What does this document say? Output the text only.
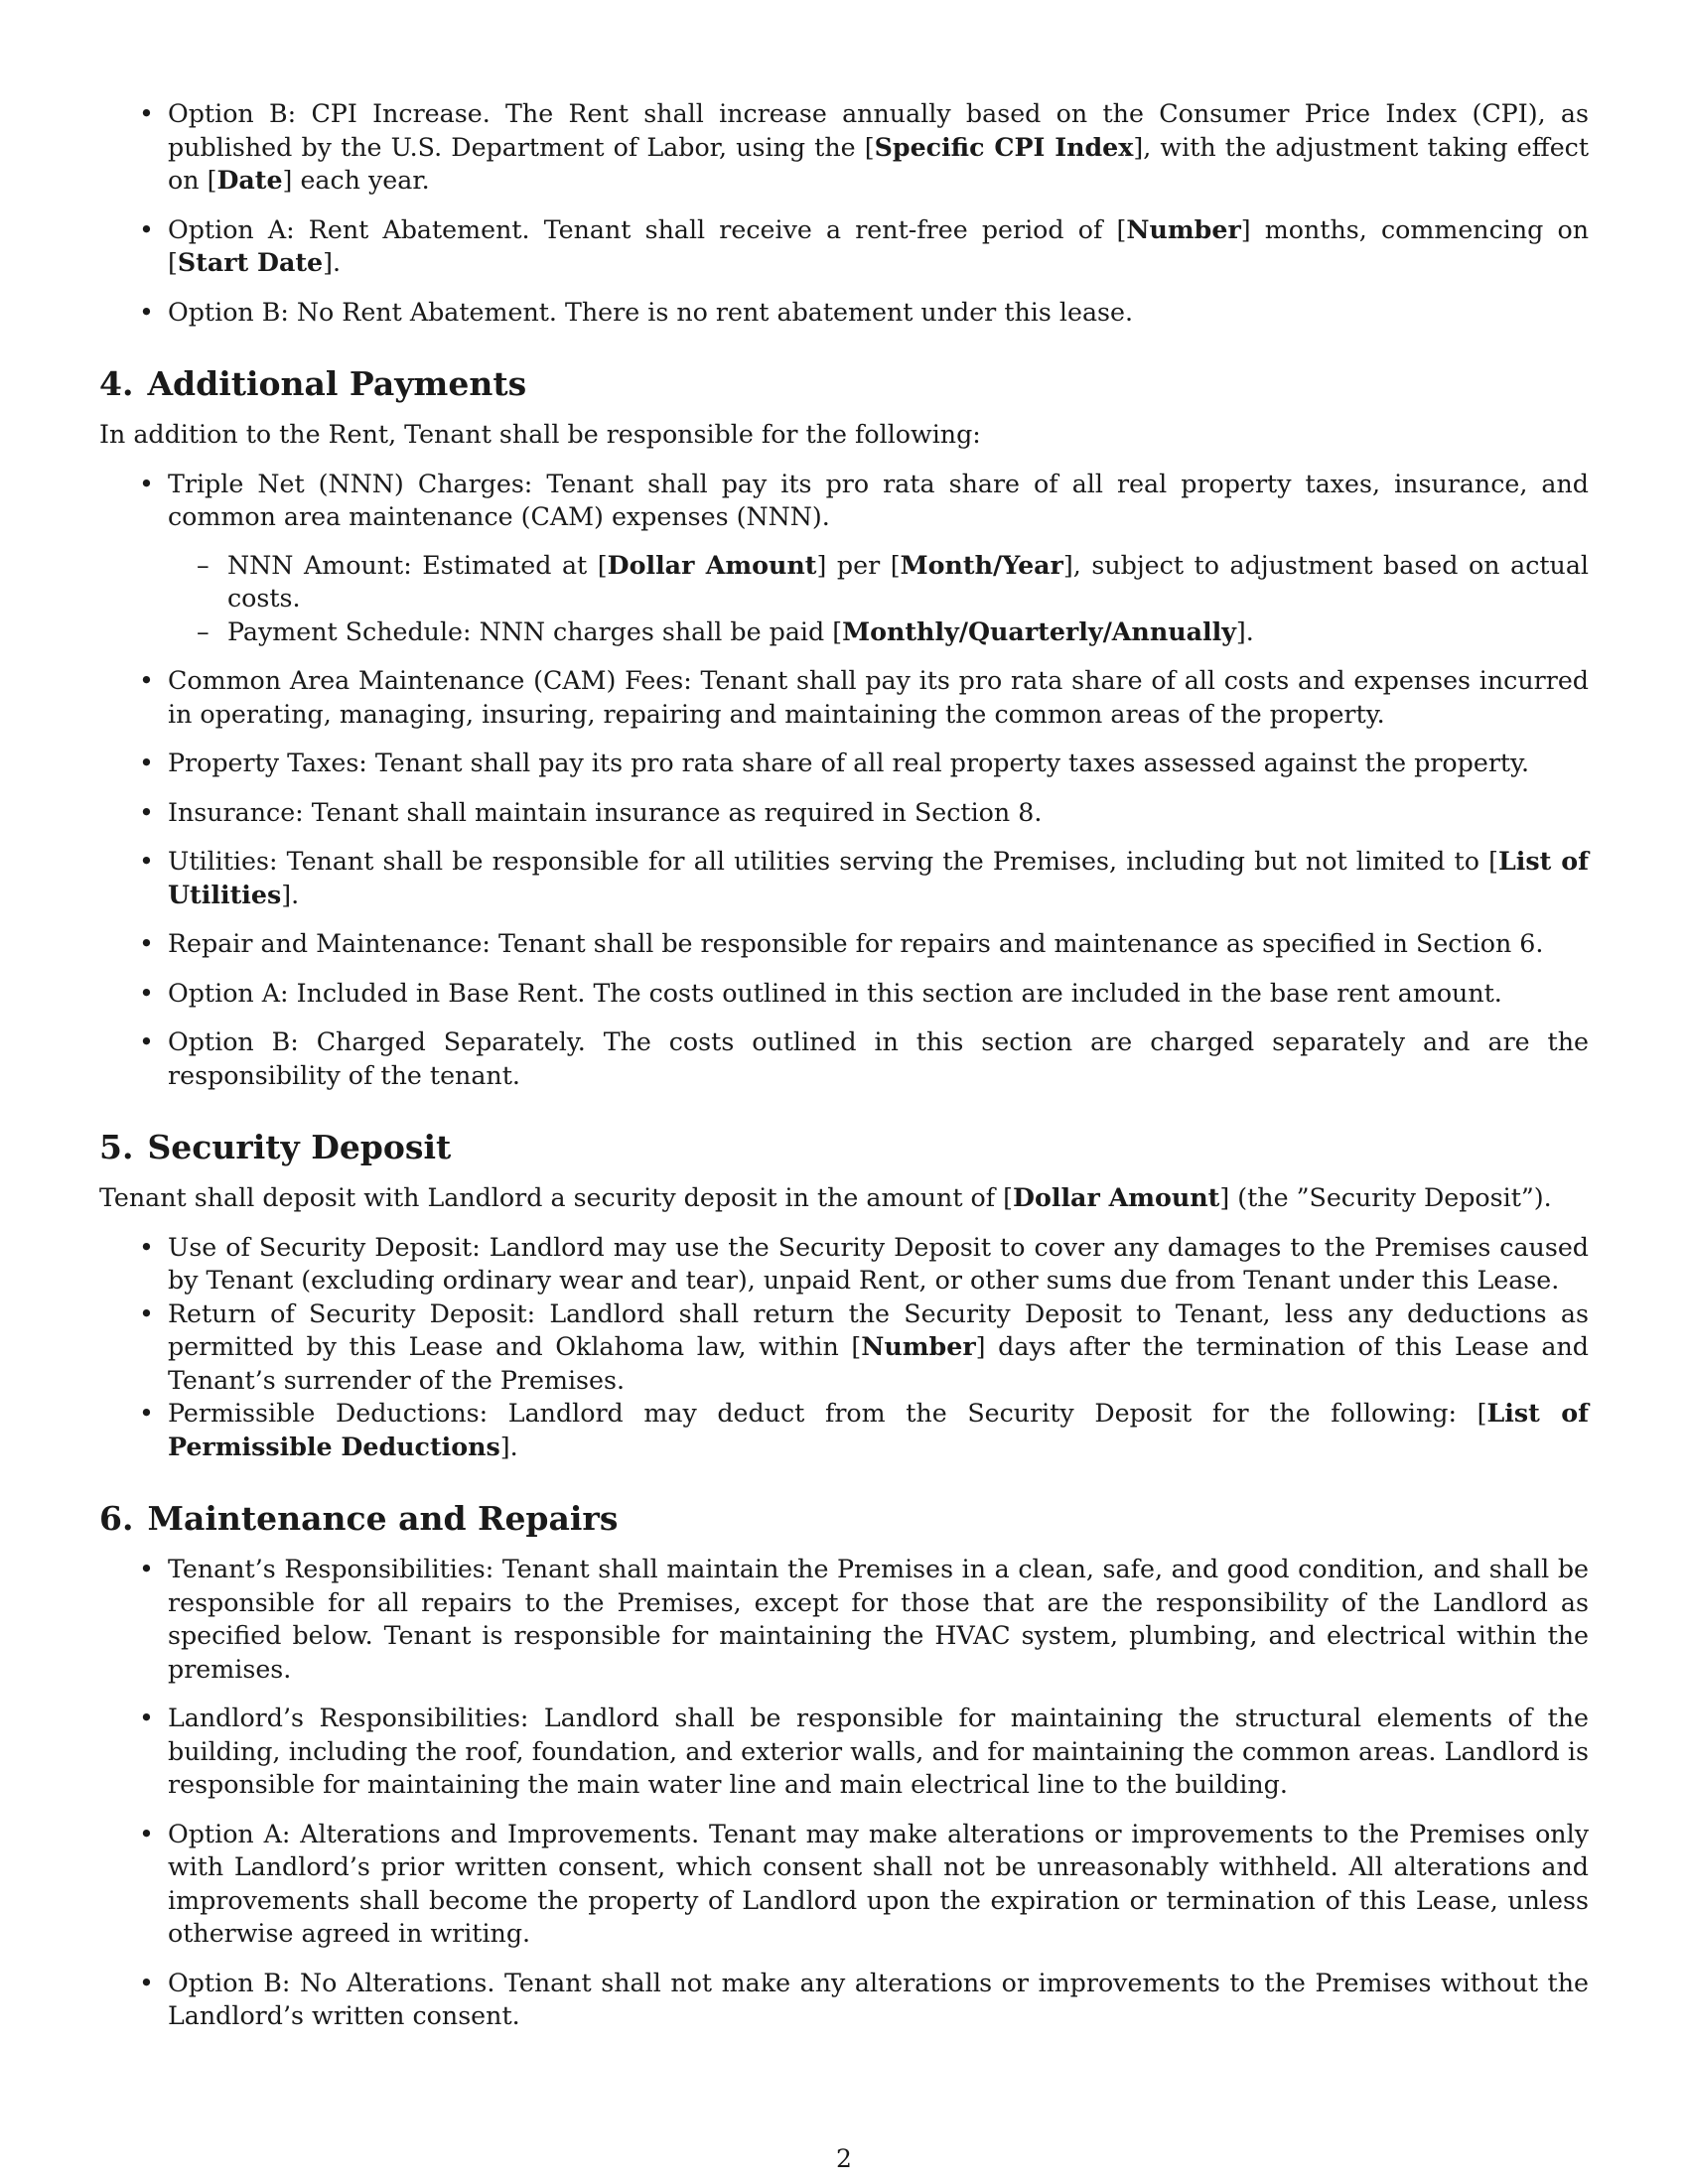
• Option B: CPI Increase. The Rent shall increase annually based on the Consumer Price Index (CPI), as published by the U.S. Department of Labor, using the [Specific CPI Index], with the adjustment taking effect on [Date] each year.
• Option A: Rent Abatement. Tenant shall receive a rent-free period of [Number] months, commencing on [Start Date].
• Option B: No Rent Abatement. There is no rent abatement under this lease.
4. Additional Payments

In addition to the Rent, Tenant shall be responsible for the following:

• Triple Net (NNN) Charges: Tenant shall pay its pro rata share of all real property taxes, insurance, and common area maintenance (CAM) expenses (NNN).
– NNN Amount: Estimated at [Dollar Amount] per [Month/Year], subject to adjustment based on actual costs.
– Payment Schedule: NNN charges shall be paid [Monthly/Quarterly/Annually].
• Common Area Maintenance (CAM) Fees: Tenant shall pay its pro rata share of all costs and expenses incurred in operating, managing, insuring, repairing and maintaining the common areas of the property.
• Property Taxes: Tenant shall pay its pro rata share of all real property taxes assessed against the property.
• Insurance: Tenant shall maintain insurance as required in Section 8.
• Utilities: Tenant shall be responsible for all utilities serving the Premises, including but not limited to [List of Utilities].
• Repair and Maintenance: Tenant shall be responsible for repairs and maintenance as specified in Section 6.
• Option A: Included in Base Rent. The costs outlined in this section are included in the base rent amount.
• Option B: Charged Separately. The costs outlined in this section are charged separately and are the responsibility of the tenant.
5. Security Deposit

Tenant shall deposit with Landlord a security deposit in the amount of [Dollar Amount] (the ”Security Deposit”).

• Use of Security Deposit: Landlord may use the Security Deposit to cover any damages to the Premises caused by Tenant (excluding ordinary wear and tear), unpaid Rent, or other sums due from Tenant under this Lease.
• Return of Security Deposit: Landlord shall return the Security Deposit to Tenant, less any deductions as permitted by this Lease and Oklahoma law, within [Number] days after the termination of this Lease and Tenant’s surrender of the Premises.
• Permissible Deductions: Landlord may deduct from the Security Deposit for the following: [List of Permissible Deductions].
6. Maintenance and Repairs
• Tenant’s Responsibilities: Tenant shall maintain the Premises in a clean, safe, and good condition, and shall be responsible for all repairs to the Premises, except for those that are the responsibility of the Landlord as specified below. Tenant is responsible for maintaining the HVAC system, plumbing, and electrical within the premises.
• Landlord’s Responsibilities: Landlord shall be responsible for maintaining the structural elements of the building, including the roof, foundation, and exterior walls, and for maintaining the common areas. Landlord is responsible for maintaining the main water line and main electrical line to the building.
• Option A: Alterations and Improvements. Tenant may make alterations or improvements to the Premises only with Landlord’s prior written consent, which consent shall not be unreasonably withheld. All alterations and improvements shall become the property of Landlord upon the expiration or termination of this Lease, unless otherwise agreed in writing.
• Option B: No Alterations. Tenant shall not make any alterations or improvements to the Premises without the Landlord’s written consent.
2
